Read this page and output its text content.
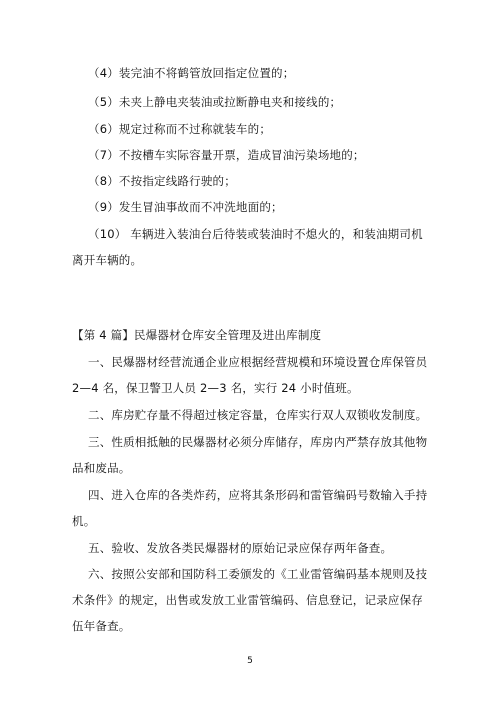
（4）装完油不将鹤管放回指定位置的；
（5）未夹上静电夹装油或拉断静电夹和接线的；
（6）规定过称而不过称就装车的；
（7）不按槽车实际容量开票，造成冒油污染场地的；
（8）不按指定线路行驶的；
（9）发生冒油事故而不冲洗地面的；
（10） 车辆进入装油台后待装或装油时不熄火的，和装油期司机
离开车辆的。
【第 4 篇】民爆器材仓库安全管理及进出库制度
一、民爆器材经营流通企业应根据经营规模和环境设置仓库保管员
2—4 名，保卫警卫人员 2—3 名，实行 24 小时值班。
二、库房贮存量不得超过核定容量，仓库实行双人双锁收发制度。
三、性质相抵触的民爆器材必须分库储存，库房内严禁存放其他物
品和废品。
四、进入仓库的各类炸药，应将其条形码和雷管编码号数输入手持
机。
五、验收、发放各类民爆器材的原始记录应保存两年备查。
六、按照公安部和国防科工委颁发的《工业雷管编码基本规则及技
术条件》的规定，出售或发放工业雷管编码、信息登记，记录应保存
伍年备查。
5
